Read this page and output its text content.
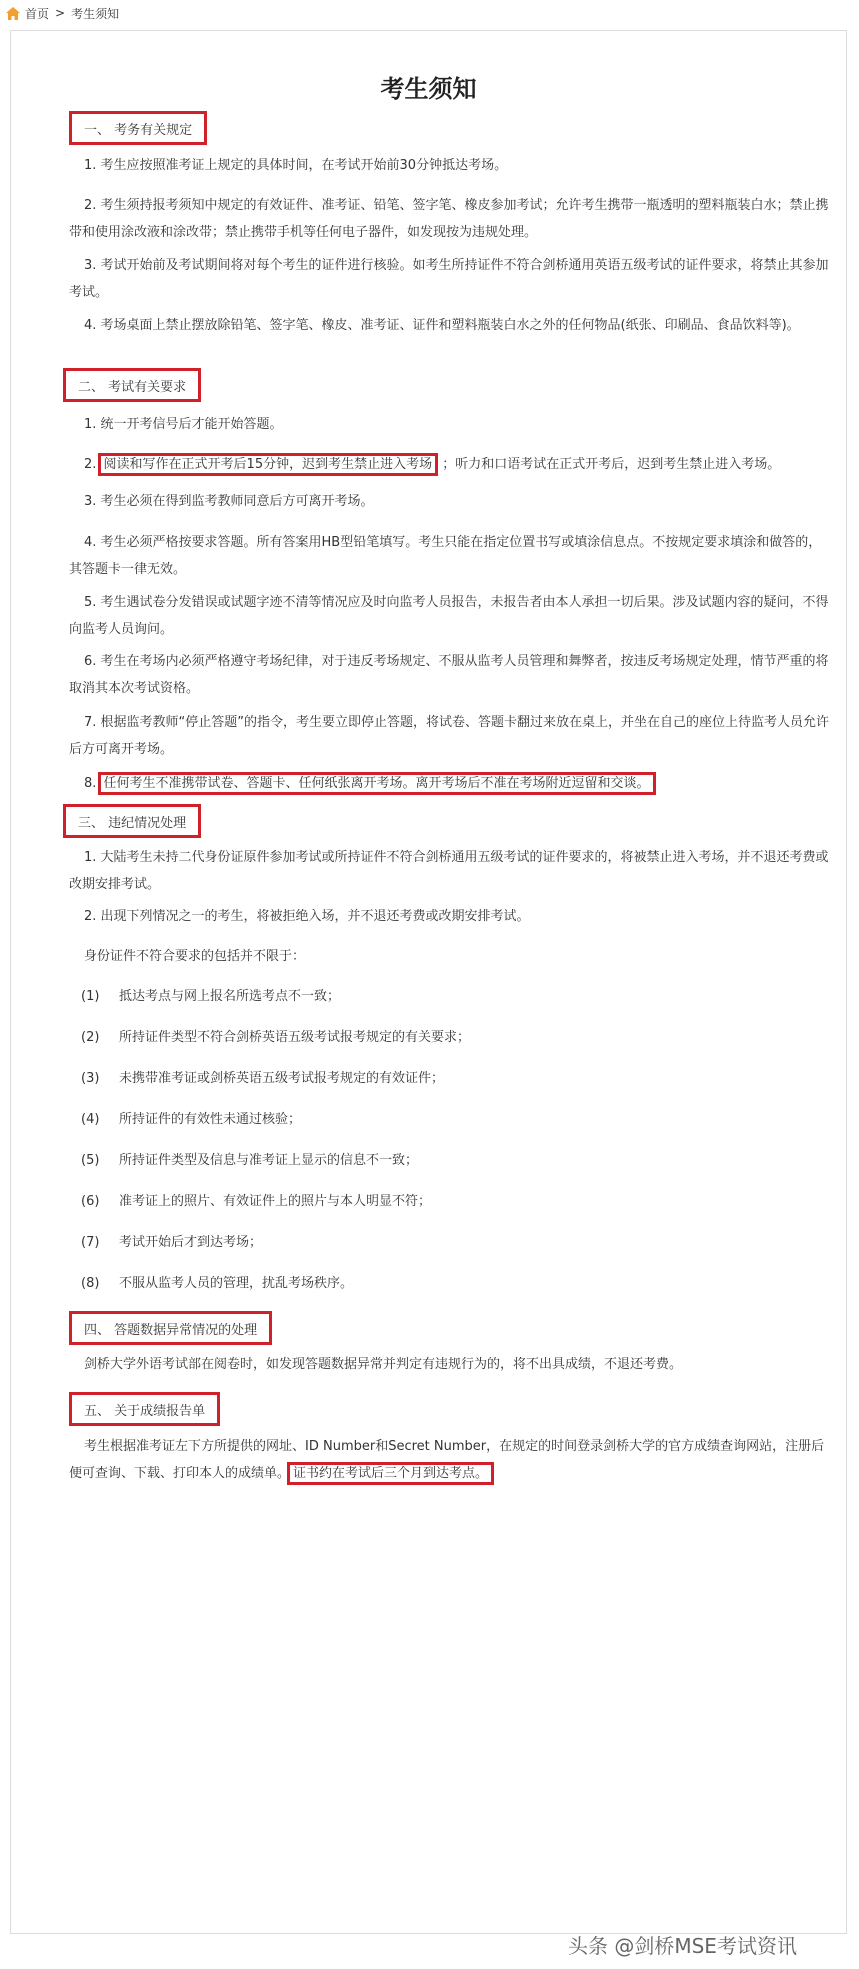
首页 > 考生须知
考生须知
一、 考务有关规定

1. 考生应按照准考证上规定的具体时间，在考试开始前30分钟抵达考场。

2. 考生须持报考须知中规定的有效证件、准考证、铅笔、签字笔、橡皮参加考试；允许考生携带一瓶透明的塑料瓶装白水；禁止携带和使用涂改液和涂改带；禁止携带手机等任何电子器件，如发现按为违规处理。

3. 考试开始前及考试期间将对每个考生的证件进行核验。如考生所持证件不符合剑桥通用英语五级考试的证件要求，将禁止其参加考试。

4. 考场桌面上禁止摆放除铅笔、签字笔、橡皮、准考证、证件和塑料瓶装白水之外的任何物品(纸张、印刷品、食品饮料等)。

二、 考试有关要求

1. 统一开考信号后才能开始答题。

2. 阅读和写作在正式开考后15分钟，迟到考生禁止进入考场 ；听力和口语考试在正式开考后，迟到考生禁止进入考场。

3. 考生必须在得到监考教师同意后方可离开考场。

4. 考生必须严格按要求答题。所有答案用HB型铅笔填写。考生只能在指定位置书写或填涂信息点。不按规定要求填涂和做答的，其答题卡一律无效。

5. 考生遇试卷分发错误或试题字迹不清等情况应及时向监考人员报告，未报告者由本人承担一切后果。涉及试题内容的疑问，不得向监考人员询问。

6. 考生在考场内必须严格遵守考场纪律，对于违反考场规定、不服从监考人员管理和舞弊者，按违反考场规定处理，情节严重的将取消其本次考试资格。

7. 根据监考教师“停止答题”的指令，考生要立即停止答题，将试卷、答题卡翻过来放在桌上，并坐在自己的座位上待监考人员允许后方可离开考场。

8. 任何考生不准携带试卷、答题卡、任何纸张离开考场。离开考场后不准在考场附近逗留和交谈。

三、 违纪情况处理

1. 大陆考生未持二代身份证原件参加考试或所持证件不符合剑桥通用五级考试的证件要求的，将被禁止进入考场，并不退还考费或改期安排考试。

2. 出现下列情况之一的考生，将被拒绝入场，并不退还考费或改期安排考试。

身份证件不符合要求的包括并不限于：

(1)	抵达考点与网上报名所选考点不一致；
(2)	所持证件类型不符合剑桥英语五级考试报考规定的有关要求；
(3)	未携带准考证或剑桥英语五级考试报考规定的有效证件；
(4)	所持证件的有效性未通过核验；
(5)	所持证件类型及信息与准考证上显示的信息不一致；
(6)	准考证上的照片、有效证件上的照片与本人明显不符；
(7)	考试开始后才到达考场；
(8)	不服从监考人员的管理，扰乱考场秩序。
四、 答题数据异常情况的处理

剑桥大学外语考试部在阅卷时，如发现答题数据异常并判定有违规行为的，将不出具成绩，不退还考费。

五、 关于成绩报告单

考生根据准考证左下方所提供的网址、ID Number和Secret Number，在规定的时间登录剑桥大学的官方成绩查询网站，注册后便可查询、下载、打印本人的成绩单。 证书约在考试后三个月到达考点。

头条 @剑桥MSE考试资讯
